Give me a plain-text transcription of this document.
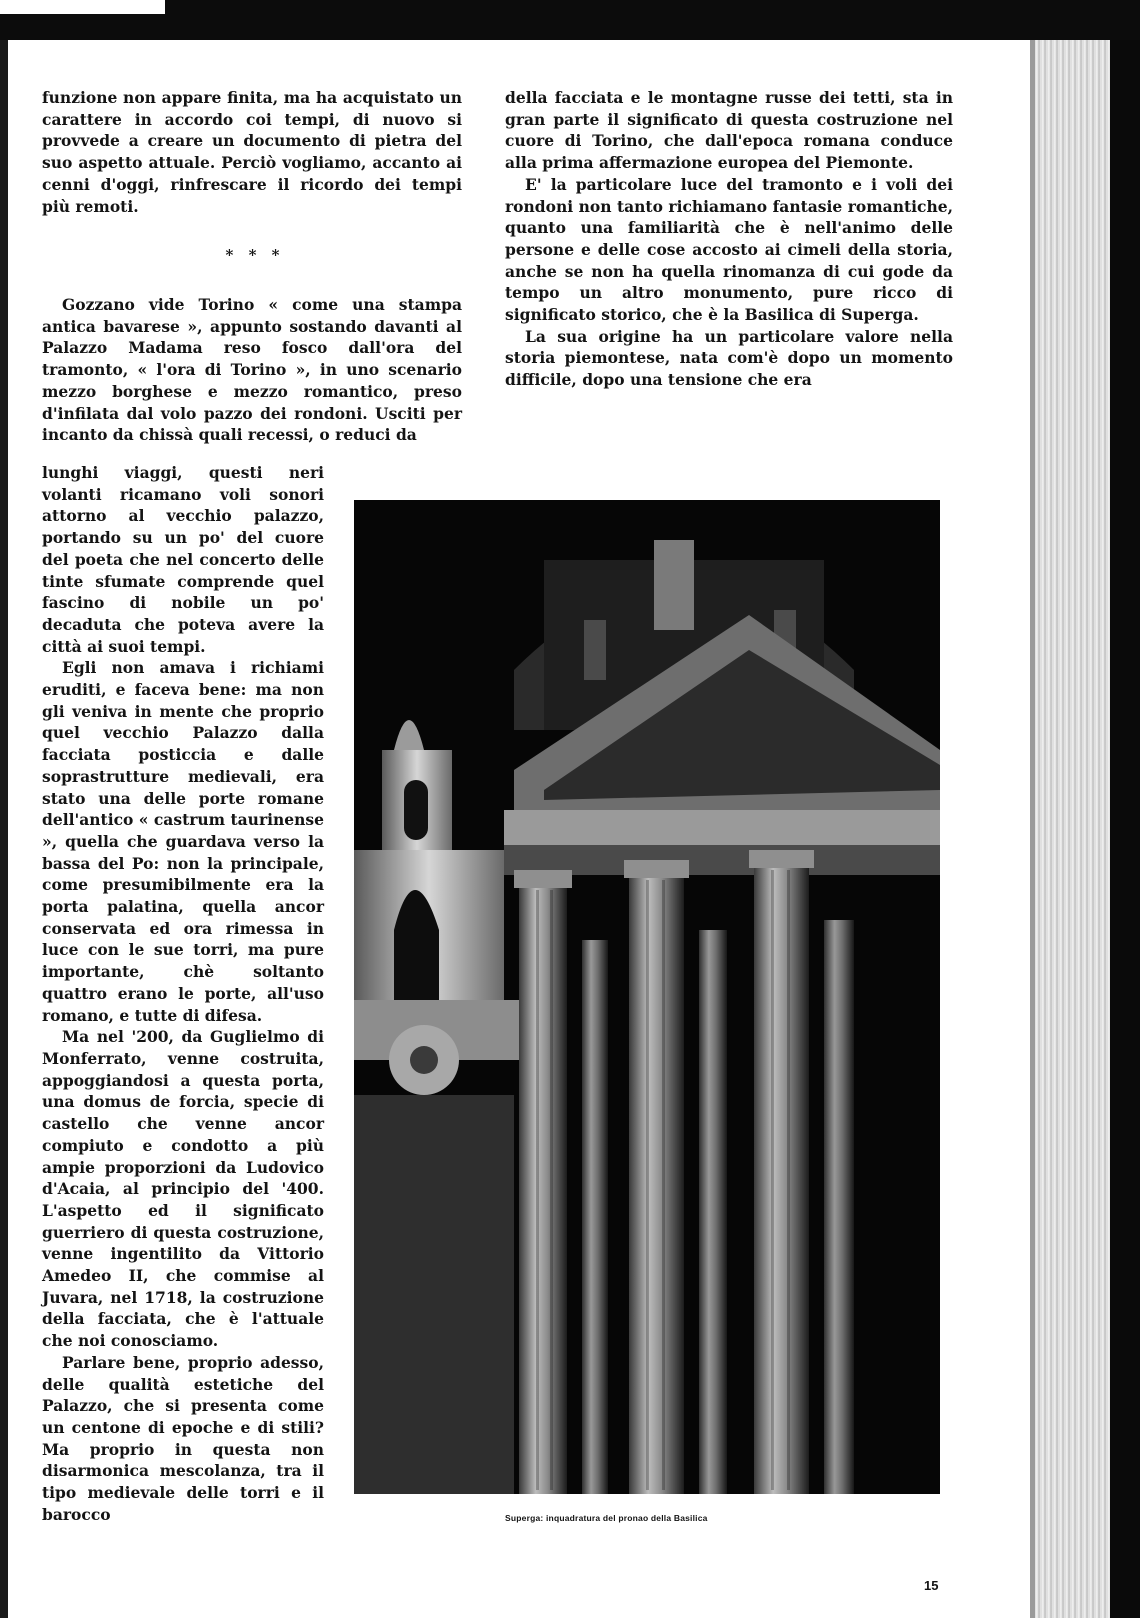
funzione non appare finita, ma ha acquistato un carattere in accordo coi tempi, di nuovo si provvede a creare un documento di pietra del suo aspetto attuale. Perciò vogliamo, accanto ai cenni d'oggi, rinfrescare il ricordo dei tempi più remoti.

* * *

Gozzano vide Torino « come una stampa antica bavarese », appunto sostando davanti al Palazzo Madama reso fosco dall'ora del tramonto, « l'ora di Torino », in uno scenario mezzo borghese e mezzo romantico, preso d'infilata dal volo pazzo dei rondoni. Usciti per incanto da chissà quali recessi, o reduci da

lunghi viaggi, questi neri volanti ricamano voli sonori attorno al vecchio palazzo, portando su un po' del cuore del poeta che nel concerto delle tinte sfumate comprende quel fascino di nobile un po' decaduta che poteva avere la città ai suoi tempi.

Egli non amava i richiami eruditi, e faceva bene: ma non gli veniva in mente che proprio quel vecchio Palazzo dalla facciata posticcia e dalle soprastrutture medievali, era stato una delle porte romane dell'antico « castrum taurinense », quella che guardava verso la bassa del Po: non la principale, come presumibilmente era la porta palatina, quella ancor conservata ed ora rimessa in luce con le sue torri, ma pure importante, chè soltanto quattro erano le porte, all'uso romano, e tutte di difesa.

Ma nel '200, da Guglielmo di Monferrato, venne costruita, appoggiandosi a questa porta, una domus de forcia, specie di castello che venne ancor compiuto e condotto a più ampie proporzioni da Ludovico d'Acaia, al principio del '400. L'aspetto ed il significato guerriero di questa costruzione, venne ingentilito da Vittorio Amedeo II, che commise al Juvara, nel 1718, la costruzione della facciata, che è l'attuale che noi conosciamo.

Parlare bene, proprio adesso, delle qualità estetiche del Palazzo, che si presenta come un centone di epoche e di stili? Ma proprio in questa non disarmonica mescolanza, tra il tipo medievale delle torri e il barocco

della facciata e le montagne russe dei tetti, sta in gran parte il significato di questa costruzione nel cuore di Torino, che dall'epoca romana conduce alla prima affermazione europea del Piemonte.

E' la particolare luce del tramonto e i voli dei rondoni non tanto richiamano fantasie romantiche, quanto una familiarità che è nell'animo delle persone e delle cose accosto ai cimeli della storia, anche se non ha quella rinomanza di cui gode da tempo un altro monumento, pure ricco di significato storico, che è la Basilica di Superga.

La sua origine ha un particolare valore nella storia piemontese, nata com'è dopo un momento difficile, dopo una tensione che era

Superga: inquadratura del pronao della Basilica
15
